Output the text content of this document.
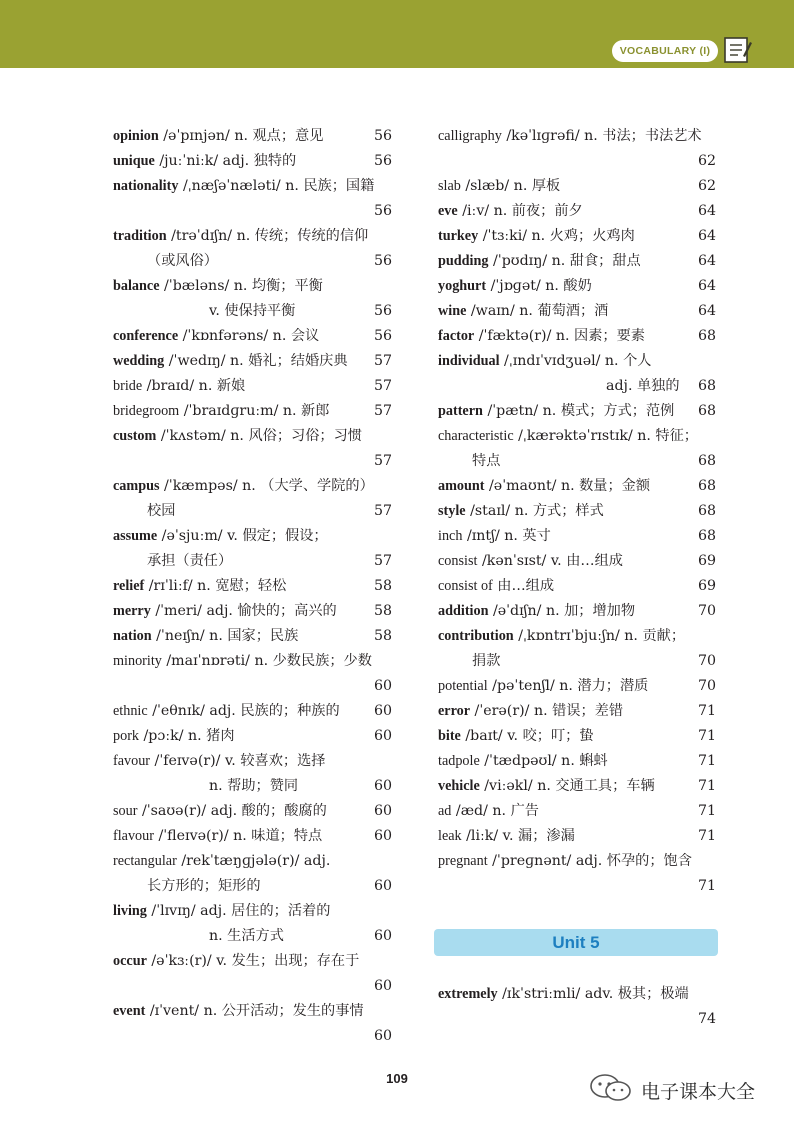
VOCABULARY (I)
opinion /əˈpɪnjən/ n. 观点；意见	56
unique /juːˈniːk/ adj. 独特的	56
nationality /ˌnæʃəˈnæləti/ n. 民族；国籍
56
tradition /trəˈdɪʃn/ n. 传统；传统的信仰
（或风俗）	56
balance /ˈbæləns/ n. 均衡；平衡
v. 使保持平衡	56
conference /ˈkɒnfərəns/ n. 会议	56
wedding /ˈwedɪŋ/ n. 婚礼；结婚庆典 57
bride /braɪd/ n. 新娘	57
bridegroom /ˈbraɪdɡruːm/ n. 新郎	57
custom /ˈkʌstəm/ n. 风俗；习俗；习惯
57
campus /ˈkæmpəs/ n. （大学、学院的）
校园	57
assume /əˈsjuːm/ v. 假定；假设；
承担（责任）	57
relief /rɪˈliːf/ n. 宽慰；轻松	58
merry /ˈmeri/ adj. 愉快的；高兴的	58
nation /ˈneɪʃn/ n. 国家；民族	58
minority /maɪˈnɒrəti/ n. 少数民族；少数
60
ethnic /ˈeθnɪk/ adj. 民族的；种族的 60
pork /pɔːk/ n. 猪肉	60
favour /ˈfeɪvə(r)/ v. 较喜欢；选择
n. 帮助；赞同	60
sour /ˈsaʊə(r)/ adj. 酸的；酸腐的	60
flavour /ˈfleɪvə(r)/ n. 味道；特点	60
rectangular /rekˈtæŋɡjələ(r)/ adj.
长方形的；矩形的	60
living /ˈlɪvɪŋ/ adj. 居住的；活着的
n. 生活方式	60
occur /əˈkɜː(r)/ v. 发生；出现；存在于
60
event /ɪˈvent/ n. 公开活动；发生的事情
60
calligraphy /kəˈlɪɡrəfi/ n. 书法；书法艺术
62
slab /slæb/ n. 厚板	62
eve /iːv/ n. 前夜；前夕	64
turkey /ˈtɜːki/ n. 火鸡；火鸡肉	64
pudding /ˈpʊdɪŋ/ n. 甜食；甜点	64
yoghurt /ˈjɒɡət/ n. 酸奶	64
wine /waɪn/ n. 葡萄酒；酒	64
factor /ˈfæktə(r)/ n. 因素；要素	68
individual /ˌɪndɪˈvɪdʒuəl/ n. 个人
adj. 单独的 68
pattern /ˈpætn/ n. 模式；方式；范例 68
characteristic /ˌkærəktəˈrɪstɪk/ n. 特征；
特点	68
amount /əˈmaʊnt/ n. 数量；金额	68
style /staɪl/ n. 方式；样式	68
inch /ɪntʃ/ n. 英寸	68
consist /kənˈsɪst/ v. 由…组成	69
consist of 由…组成	69
addition /əˈdɪʃn/ n. 加；增加物	70
contribution /ˌkɒntrɪˈbjuːʃn/ n. 贡献；
捐款	70
potential /pəˈtenʃl/ n. 潜力；潜质	70
error /ˈerə(r)/ n. 错误；差错	71
bite /baɪt/ v. 咬；叮；蛰	71
tadpole /ˈtædpəʊl/ n. 蝌蚪	71
vehicle /viːəkl/ n. 交通工具；车辆	71
ad /æd/ n. 广告	71
leak /liːk/ v. 漏；渗漏	71
pregnant /ˈpreɡnənt/ adj. 怀孕的；饱含
71
Unit 5
extremely /ɪkˈstriːmli/ adv. 极其；极端
74
109
电子课本大全
